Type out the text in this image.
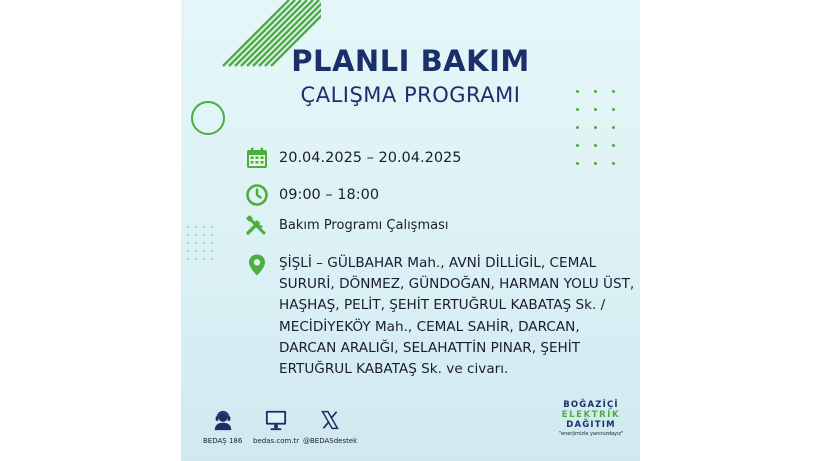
PLANLI BAKIM
ÇALIŞMA PROGRAMI
20.04.2025 – 20.04.2025
09:00 – 18:00
Bakım Programı Çalışması
ŞİŞLİ – GÜLBAHAR Mah., AVNİ DİLLİGİL, CEMAL SURURİ, DÖNMEZ, GÜNDOĞAN, HARMAN YOLU ÜST, HAŞHAŞ, PELİT, ŞEHİT ERTUĞRUL KABATAŞ Sk. / MECİDİYEKÖY Mah., CEMAL SAHİR, DARCAN, DARCAN ARALIĞI, SELAHATTİN PINAR, ŞEHİT ERTUĞRUL KABATAŞ Sk. ve civarı.
BEDAŞ 186 bedas.com.tr @BEDASdestek
BOĞAZİÇİ
ELEKTRİK
DAĞITIM
"enerjimizle yanınızdayız"
